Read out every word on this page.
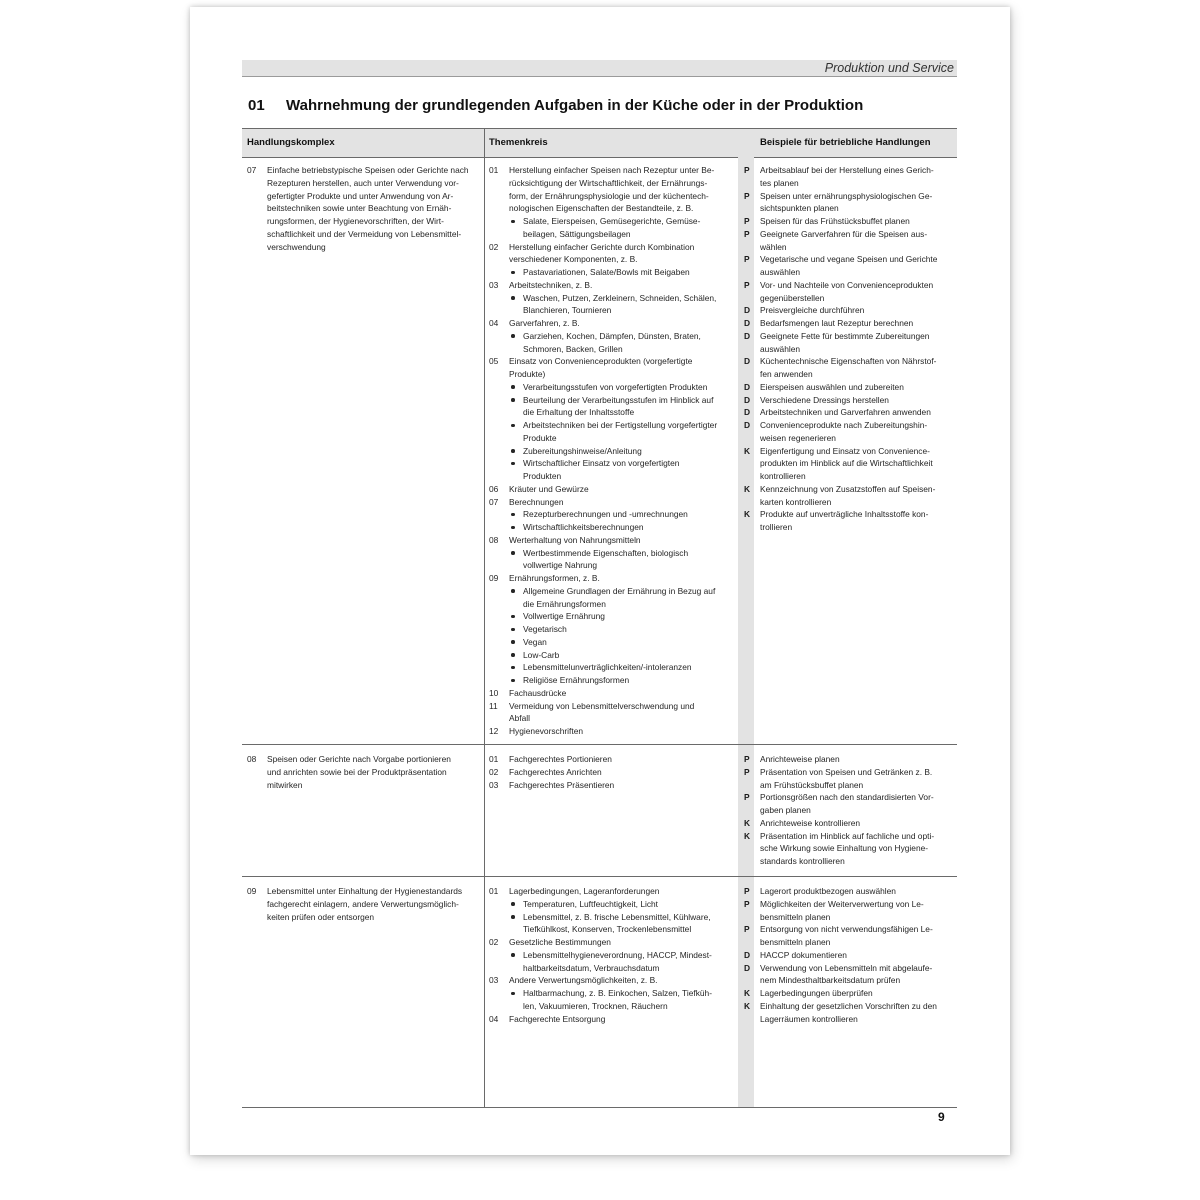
Produktion und Service
01 Wahrnehmung der grundlegenden Aufgaben in der Küche oder in der Produktion
Handlungskomplex	Themenkreis	Beispiele für betriebliche Handlungen
07 Einfache betriebstypische Speisen oder Gerichte nach
Rezepturen herstellen, auch unter Verwendung vor-
gefertigter Produkte und unter Anwendung von Ar-
beitstechniken sowie unter Beachtung von Ernäh-
rungsformen, der Hygienevorschriften, der Wirt-
schaftlichkeit und der Vermeidung von Lebensmittel-
verschwendung
01 Herstellung einfacher Speisen nach Rezeptur unter Be-
rücksichtigung der Wirtschaftlichkeit, der Ernährungs-
form, der Ernährungsphysiologie und der küchentech-
nologischen Eigenschaften der Bestandteile, z. B.
Salate, Eierspeisen, Gemüsegerichte, Gemüse-
beilagen, Sättigungsbeilagen
02 Herstellung einfacher Gerichte durch Kombination
verschiedener Komponenten, z. B.
Pastavariationen, Salate/Bowls mit Beigaben
03 Arbeitstechniken, z. B.
Waschen, Putzen, Zerkleinern, Schneiden, Schälen,
Blanchieren, Tournieren
04 Garverfahren, z. B.
Garziehen, Kochen, Dämpfen, Dünsten, Braten,
Schmoren, Backen, Grillen
05 Einsatz von Convenienceprodukten (vorgefertigte
Produkte)
Verarbeitungsstufen von vorgefertigten Produkten
Beurteilung der Verarbeitungsstufen im Hinblick auf
die Erhaltung der Inhaltsstoffe
Arbeitstechniken bei der Fertigstellung vorgefertigter
Produkte
Zubereitungshinweise/Anleitung
Wirtschaftlicher Einsatz von vorgefertigten
Produkten
06 Kräuter und Gewürze
07 Berechnungen
Rezepturberechnungen und -umrechnungen
Wirtschaftlichkeitsberechnungen
08 Werterhaltung von Nahrungsmitteln
Wertbestimmende Eigenschaften, biologisch
vollwertige Nahrung
09 Ernährungsformen, z. B.
Allgemeine Grundlagen der Ernährung in Bezug auf
die Ernährungsformen
Vollwertige Ernährung
Vegetarisch
Vegan
Low-Carb
Lebensmittelunverträglichkeiten/-intoleranzen
Religiöse Ernährungsformen
10 Fachausdrücke
11 Vermeidung von Lebensmittelverschwendung und
Abfall
12 Hygienevorschriften
P
P
P
P
P
P
D
D
D
D
D
D
D
D
K
K
K
Arbeitsablauf bei der Herstellung eines Gerich-
tes planen
Speisen unter ernährungsphysiologischen Ge-
sichtspunkten planen
Speisen für das Frühstücksbuffet planen
Geeignete Garverfahren für die Speisen aus-
wählen
Vegetarische und vegane Speisen und Gerichte
auswählen
Vor- und Nachteile von Convenienceprodukten
gegenüberstellen
Preisvergleiche durchführen
Bedarfsmengen laut Rezeptur berechnen
Geeignete Fette für bestimmte Zubereitungen
auswählen
Küchentechnische Eigenschaften von Nährstof-
fen anwenden
Eierspeisen auswählen und zubereiten
Verschiedene Dressings herstellen
Arbeitstechniken und Garverfahren anwenden
Convenienceprodukte nach Zubereitungshin-
weisen regenerieren
Eigenfertigung und Einsatz von Convenience-
produkten im Hinblick auf die Wirtschaftlichkeit
kontrollieren
Kennzeichnung von Zusatzstoffen auf Speisen-
karten kontrollieren
Produkte auf unverträgliche Inhaltsstoffe kon-
trollieren
08 Speisen oder Gerichte nach Vorgabe portionieren
und anrichten sowie bei der Produktpräsentation
mitwirken
01 Fachgerechtes Portionieren
02 Fachgerechtes Anrichten
03 Fachgerechtes Präsentieren
P
P
P
K
K
Anrichteweise planen
Präsentation von Speisen und Getränken z. B.
am Frühstücksbuffet planen
Portionsgrößen nach den standardisierten Vor-
gaben planen
Anrichteweise kontrollieren
Präsentation im Hinblick auf fachliche und opti-
sche Wirkung sowie Einhaltung von Hygiene-
standards kontrollieren
09 Lebensmittel unter Einhaltung der Hygienestandards
fachgerecht einlagern, andere Verwertungsmöglich-
keiten prüfen oder entsorgen
01 Lagerbedingungen, Lageranforderungen
Temperaturen, Luftfeuchtigkeit, Licht
Lebensmittel, z. B. frische Lebensmittel, Kühlware,
Tiefkühlkost, Konserven, Trockenlebensmittel
02 Gesetzliche Bestimmungen
Lebensmittelhygieneverordnung, HACCP, Mindest-
haltbarkeitsdatum, Verbrauchsdatum
03 Andere Verwertungsmöglichkeiten, z. B.
Haltbarmachung, z. B. Einkochen, Salzen, Tiefküh-
len, Vakuumieren, Trocknen, Räuchern
04 Fachgerechte Entsorgung
P
P
P
D
D
K
K
Lagerort produktbezogen auswählen
Möglichkeiten der Weiterverwertung von Le-
bensmitteln planen
Entsorgung von nicht verwendungsfähigen Le-
bensmitteln planen
HACCP dokumentieren
Verwendung von Lebensmitteln mit abgelaufe-
nem Mindesthaltbarkeitsdatum prüfen
Lagerbedingungen überprüfen
Einhaltung der gesetzlichen Vorschriften zu den
Lagerräumen kontrollieren
9
